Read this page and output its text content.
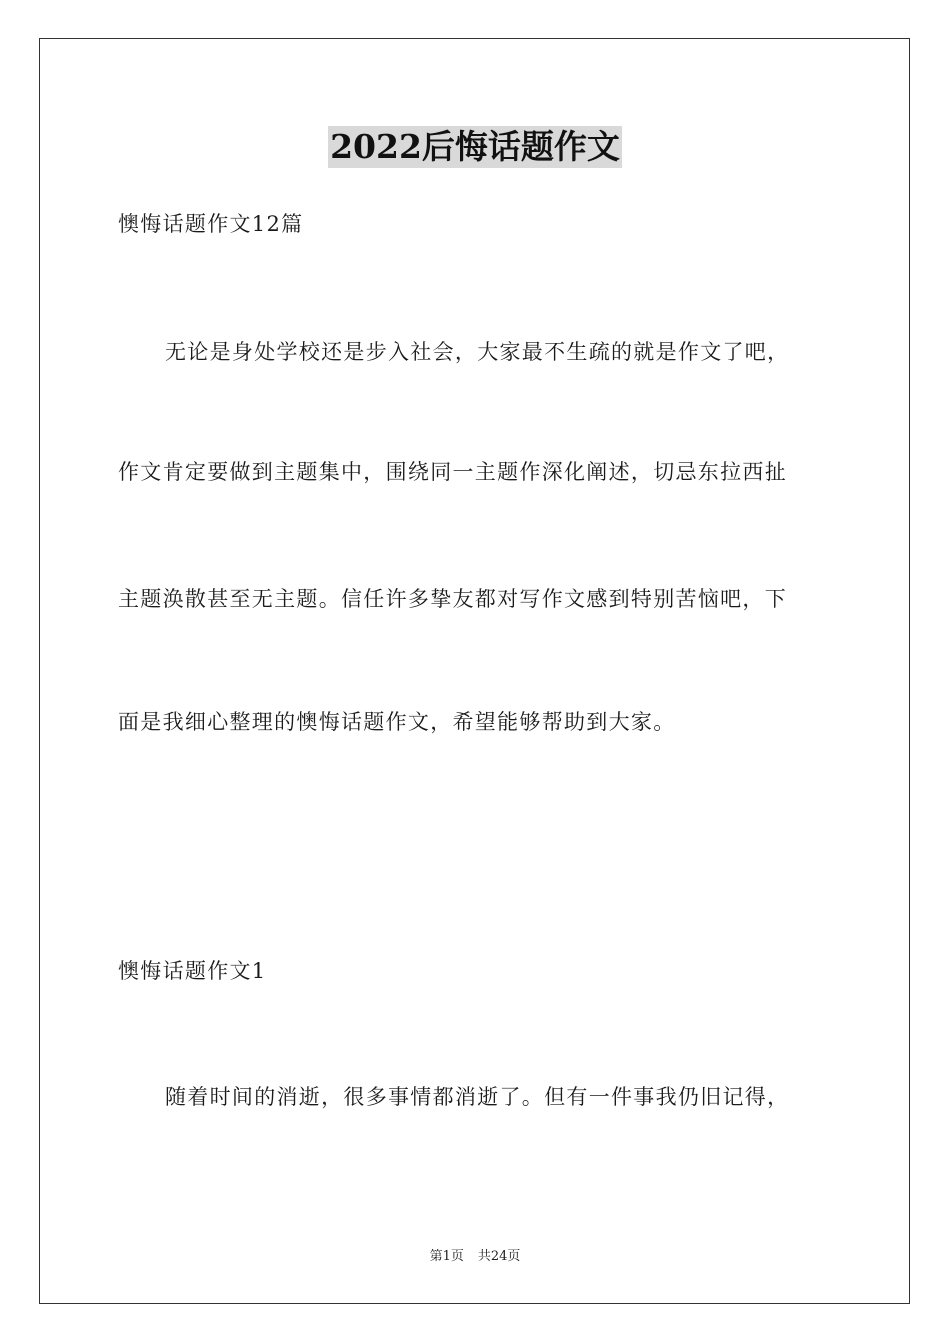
2022后悔话题作文
懊悔话题作文12篇
无论是身处学校还是步入社会，大家最不生疏的就是作文了吧，
作文肯定要做到主题集中，围绕同一主题作深化阐述，切忌东拉西扯
主题涣散甚至无主题。信任许多挚友都对写作文感到特别苦恼吧，下
面是我细心整理的懊悔话题作文，希望能够帮助到大家。
懊悔话题作文1
随着时间的消逝，很多事情都消逝了。但有一件事我仍旧记得，
第1页 共24页
